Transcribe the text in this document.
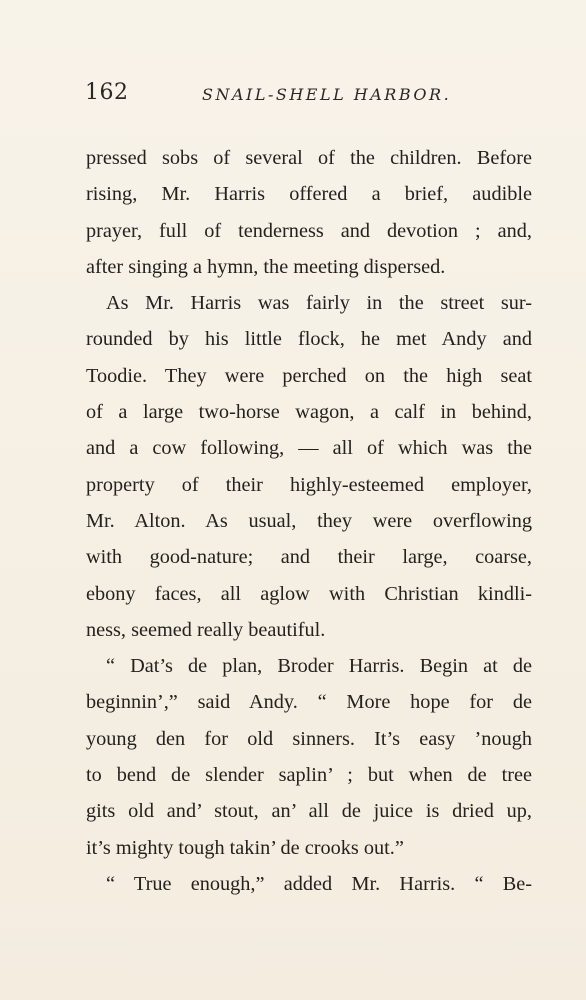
162	SNAIL-SHELL HARBOR.
pressed sobs of several of the children. Before
rising, Mr. Harris offered a brief, audible
prayer, full of tenderness and devotion ; and,
after singing a hymn, the meeting dispersed.
As Mr. Harris was fairly in the street sur-
rounded by his little flock, he met Andy and
Toodie. They were perched on the high seat
of a large two-horse wagon, a calf in behind,
and a cow following, — all of which was the
property of their highly-esteemed employer,
Mr. Alton. As usual, they were overflowing
with good-nature; and their large, coarse,
ebony faces, all aglow with Christian kindli-
ness, seemed really beautiful.
“ Dat’s de plan, Broder Harris. Begin at de
beginnin’,” said Andy. “ More hope for de
young den for old sinners. It’s easy ’nough
to bend de slender saplin’ ; but when de tree
gits old and’ stout, an’ all de juice is dried up,
it’s mighty tough takin’ de crooks out.”
“ True enough,” added Mr. Harris. “ Be-
